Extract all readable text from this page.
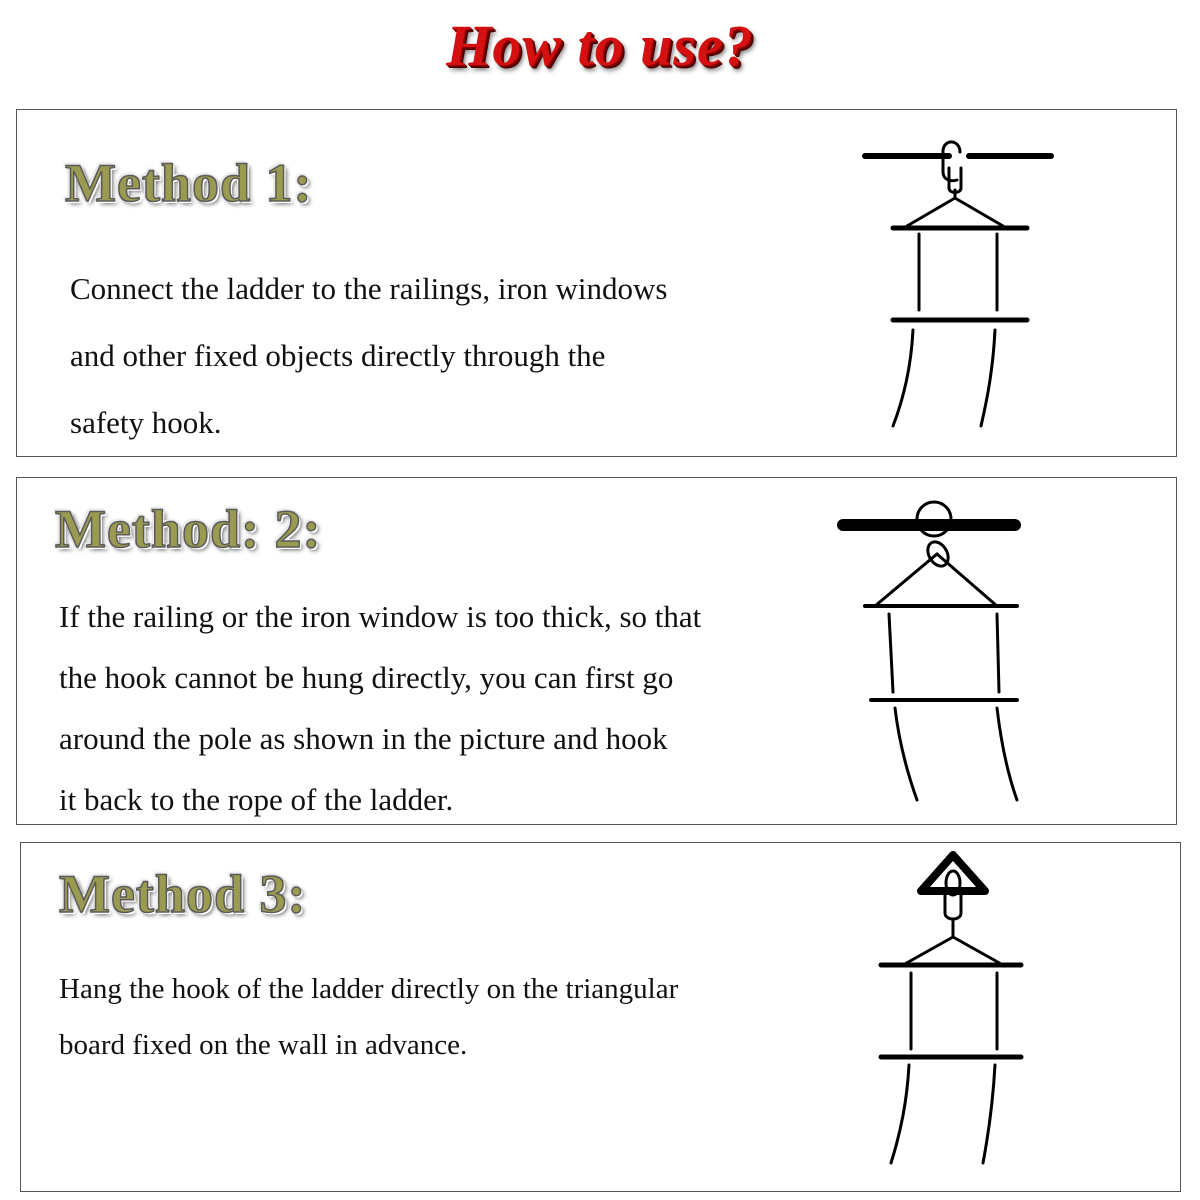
How to use?
Method 1:

Connect the ladder to the railings, iron windows
and other fixed objects directly through the
safety hook.

Method: 2:

If the railing or the iron window is too thick, so that
the hook cannot be hung directly, you can first go
around the pole as shown in the picture and hook
it back to the rope of the ladder.

Method 3:

Hang the hook of the ladder directly on the triangular
board fixed on the wall in advance.
